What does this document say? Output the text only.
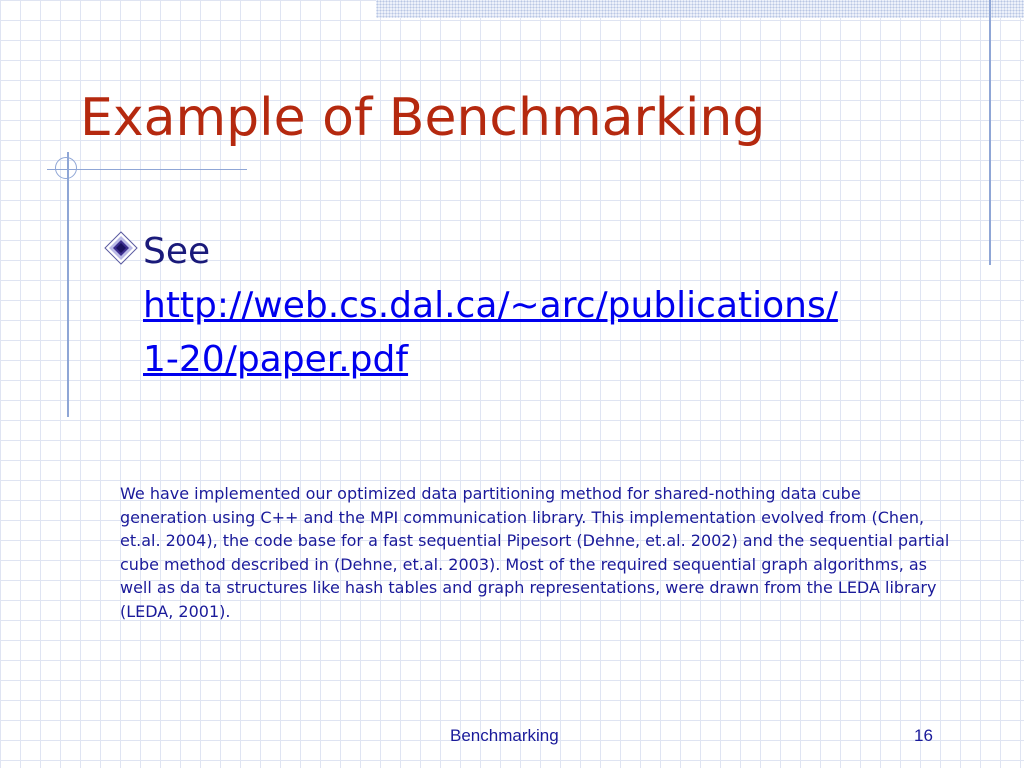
Example of Benchmarking
See
http://web.cs.dal.ca/~arc/publications/
1-20/paper.pdf
We have implemented our optimized data partitioning method for shared-nothing data cube generation using C++ and the MPI communication library. This implementation evolved from (Chen, et.al. 2004), the code base for a fast sequential Pipesort (Dehne, et.al. 2002) and the sequential partial cube method described in (Dehne, et.al. 2003). Most of the required sequential graph algorithms, as well as da ta structures like hash tables and graph representations, were drawn from the LEDA library (LEDA, 2001).
Benchmarking	16
